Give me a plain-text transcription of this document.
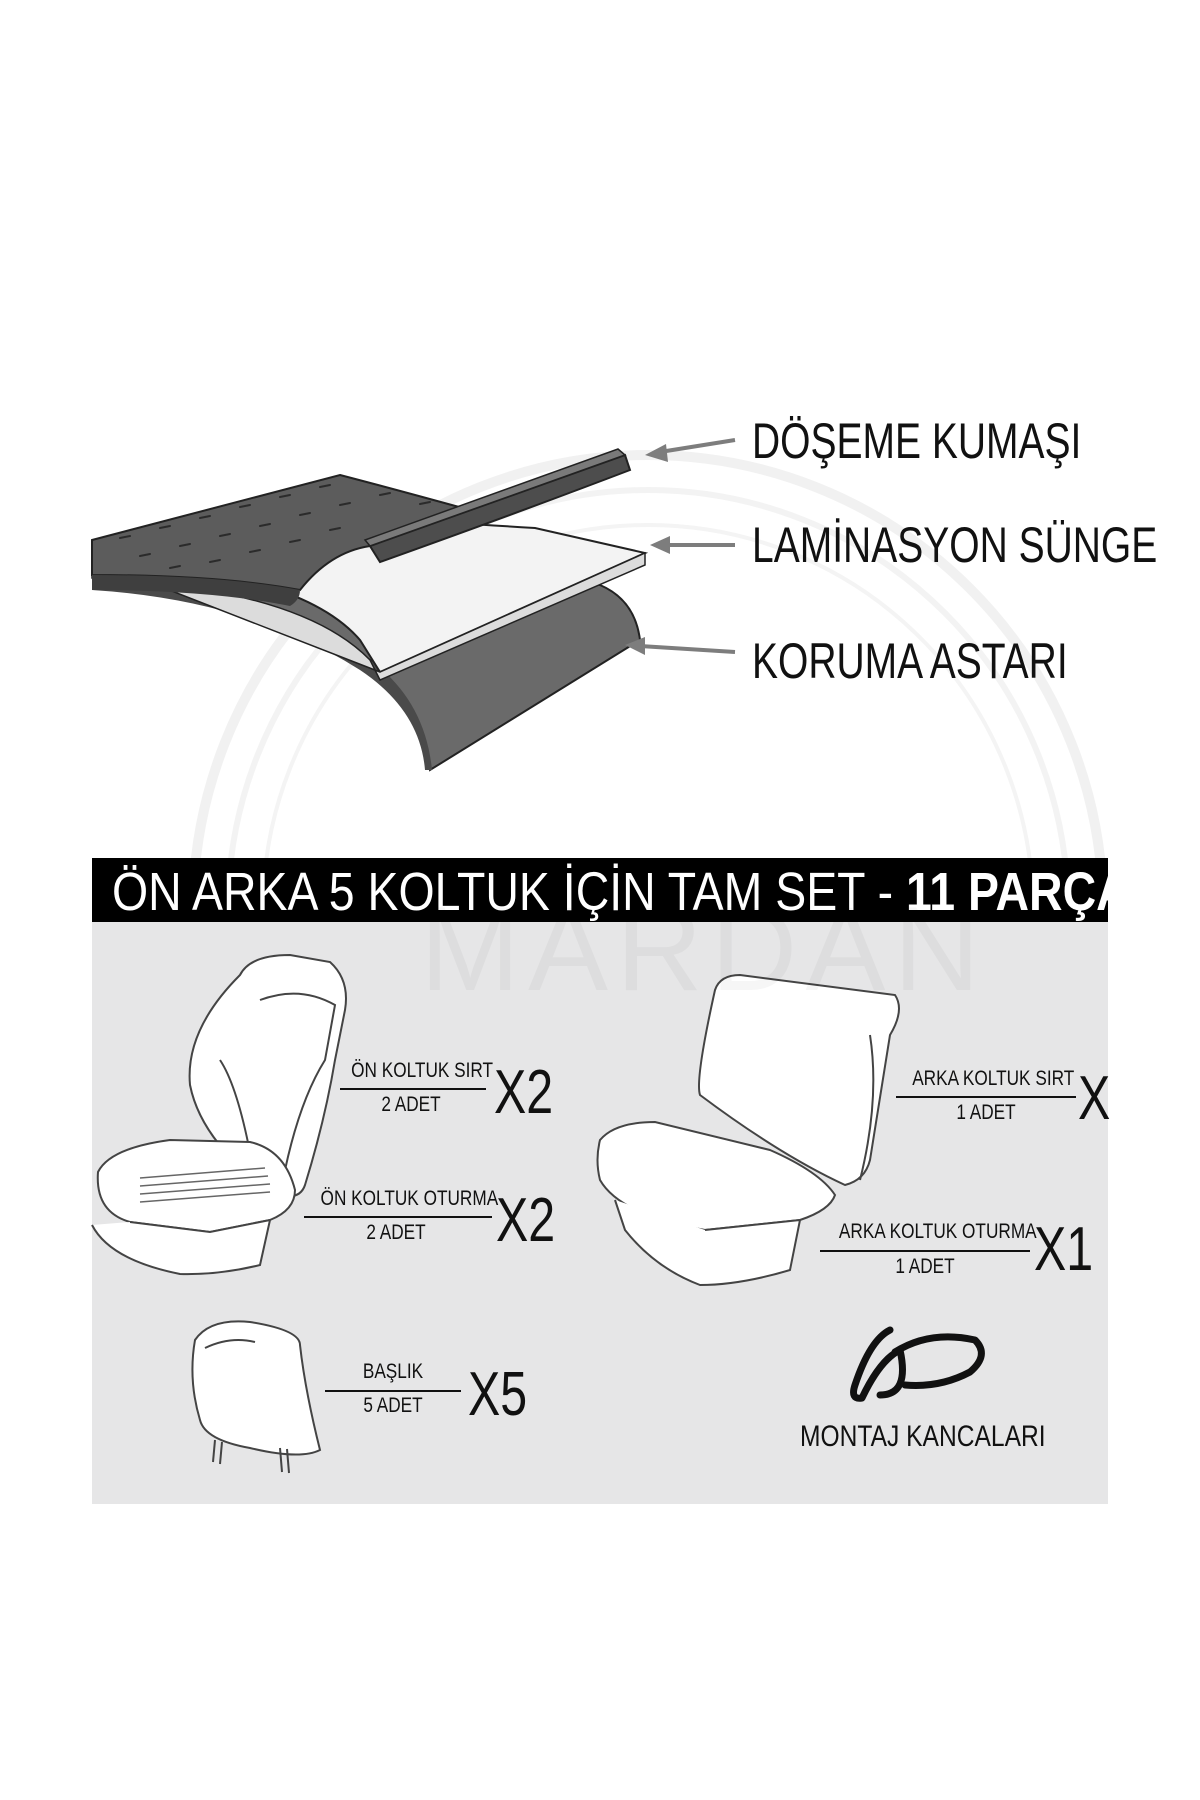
DÖŞEME KUMAŞI
LAMİNASYON SÜNGE
KORUMA ASTARI
ÖN ARKA 5 KOLTUK İÇİN TAM SET - 11 PARÇA
ÖN KOLTUK SIRT
2 ADET X2
ÖN KOLTUK OTURMA
2 ADET	X2
BAŞLIK
5 ADET X5
ARKA KOLTUK SIRT
1 ADET	X
ARKA KOLTUK OTURMA
1 ADET	X1
MONTAJ KANCALARI
